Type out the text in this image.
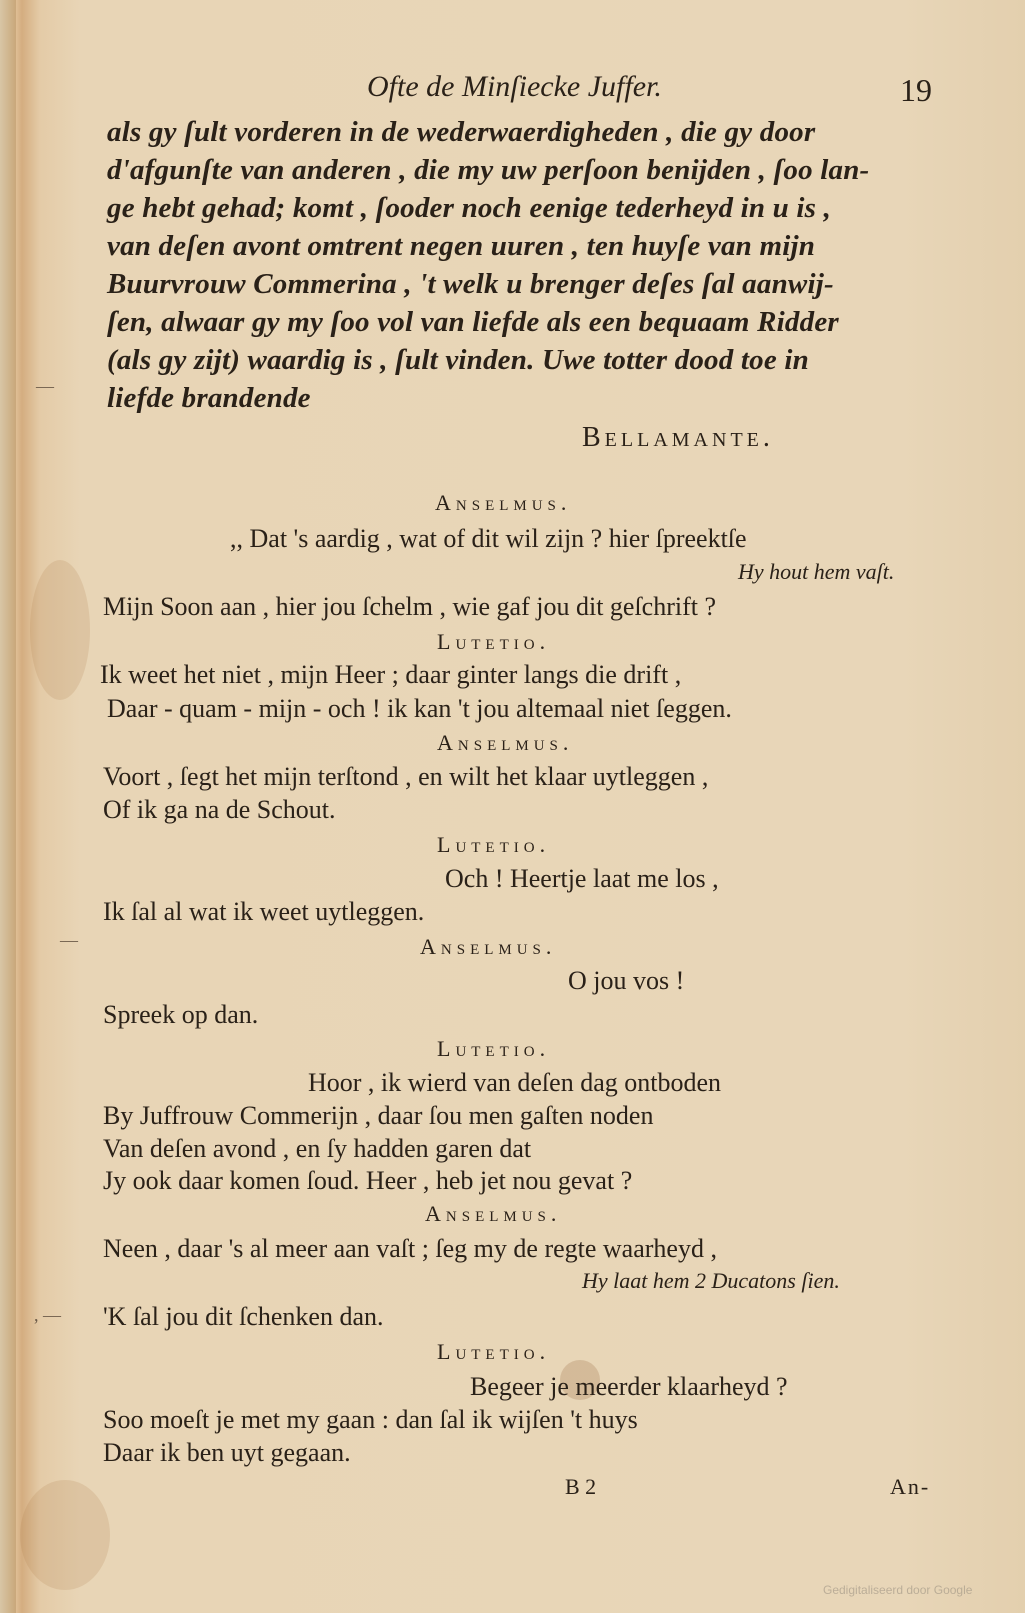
—
—
, —
Ofte de Minſiecke Juffer.	19
als gy ſult vorderen in de wederwaerdigheden , die gy door
d'afgunſte van anderen , die my uw perſoon benijden , ſoo lan-
ge hebt gehad; komt , ſooder noch eenige tederheyd in u is ,
van deſen avont omtrent negen uuren , ten huyſe van mijn
Buurvrouw Commerina , 't welk u brenger deſes ſal aanwij-
ſen, alwaar gy my ſoo vol van liefde als een bequaam Ridder
(als gy zijt) waardig is , ſult vinden. Uwe totter dood toe in
liefde brandende
Bellamante.
Anselmus.
,, Dat 's aardig , wat of dit wil zijn ? hier ſpreektſe
Hy hout hem vaſt.
Mijn Soon aan , hier jou ſchelm , wie gaf jou dit geſchrift ?
Lutetio.
Ik weet het niet , mijn Heer ; daar ginter langs die drift ,
Daar - quam - mijn - och ! ik kan 't jou altemaal niet ſeggen.
Anselmus.
Voort , ſegt het mijn terſtond , en wilt het klaar uytleggen ,
Of ik ga na de Schout.
Lutetio.
Och ! Heertje laat me los ,
Ik ſal al wat ik weet uytleggen.
Anselmus.
O jou vos !
Spreek op dan.
Lutetio.
Hoor , ik wierd van deſen dag ontboden
By Juffrouw Commerijn , daar ſou men gaſten noden
Van deſen avond , en ſy hadden garen dat
Jy ook daar komen ſoud. Heer , heb jet nou gevat ?
Anselmus.
Neen , daar 's al meer aan vaſt ; ſeg my de regte waarheyd ,
Hy laat hem 2 Ducatons ſien.
'K ſal jou dit ſchenken dan.
Lutetio.
Begeer je meerder klaarheyd ?
Soo moeſt je met my gaan : dan ſal ik wijſen 't huys
Daar ik ben uyt gegaan.
B 2	An-
Gedigitaliseerd door Google
